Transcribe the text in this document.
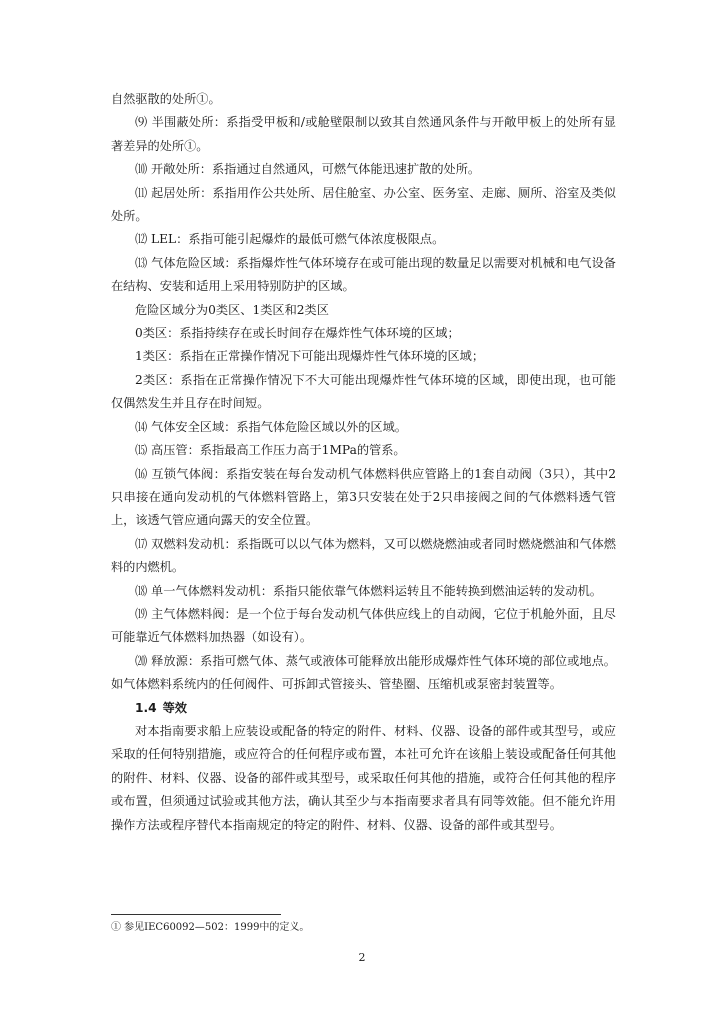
自然驱散的处所①。

⑼ 半围蔽处所：系指受甲板和/或舱壁限制以致其自然通风条件与开敞甲板上的处所有显著差异的处所①。

⑽ 开敞处所：系指通过自然通风，可燃气体能迅速扩散的处所。

⑾ 起居处所：系指用作公共处所、居住舱室、办公室、医务室、走廊、厕所、浴室及类似处所。

⑿ LEL：系指可能引起爆炸的最低可燃气体浓度极限点。

⒀ 气体危险区域：系指爆炸性气体环境存在或可能出现的数量足以需要对机械和电气设备在结构、安装和适用上采用特别防护的区域。

危险区域分为0类区、1类区和2类区

0类区：系指持续存在或长时间存在爆炸性气体环境的区域；

1类区：系指在正常操作情况下可能出现爆炸性气体环境的区域；

2类区：系指在正常操作情况下不大可能出现爆炸性气体环境的区域，即使出现，也可能仅偶然发生并且存在时间短。

⒁ 气体安全区域：系指气体危险区域以外的区域。

⒂ 高压管：系指最高工作压力高于1MPa的管系。

⒃ 互锁气体阀：系指安装在每台发动机气体燃料供应管路上的1套自动阀（3只），其中2只串接在通向发动机的气体燃料管路上，第3只安装在处于2只串接阀之间的气体燃料透气管上，该透气管应通向露天的安全位置。

⒄ 双燃料发动机：系指既可以以气体为燃料，又可以燃烧燃油或者同时燃烧燃油和气体燃料的内燃机。

⒅ 单一气体燃料发动机：系指只能依靠气体燃料运转且不能转换到燃油运转的发动机。

⒆ 主气体燃料阀：是一个位于每台发动机气体供应线上的自动阀，它位于机舱外面，且尽可能靠近气体燃料加热器（如设有）。

⒇ 释放源：系指可燃气体、蒸气或液体可能释放出能形成爆炸性气体环境的部位或地点。如气体燃料系统内的任何阀件、可拆卸式管接头、管垫圈、压缩机或泵密封装置等。

1.4 等效

对本指南要求船上应装设或配备的特定的附件、材料、仪器、设备的部件或其型号，或应采取的任何特别措施，或应符合的任何程序或布置，本社可允许在该船上装设或配备任何其他的附件、材料、仪器、设备的部件或其型号，或采取任何其他的措施，或符合任何其他的程序或布置，但须通过试验或其他方法，确认其至少与本指南要求者具有同等效能。但不能允许用操作方法或程序替代本指南规定的特定的附件、材料、仪器、设备的部件或其型号。

① 参见IEC60092—502：1999中的定义。

2
